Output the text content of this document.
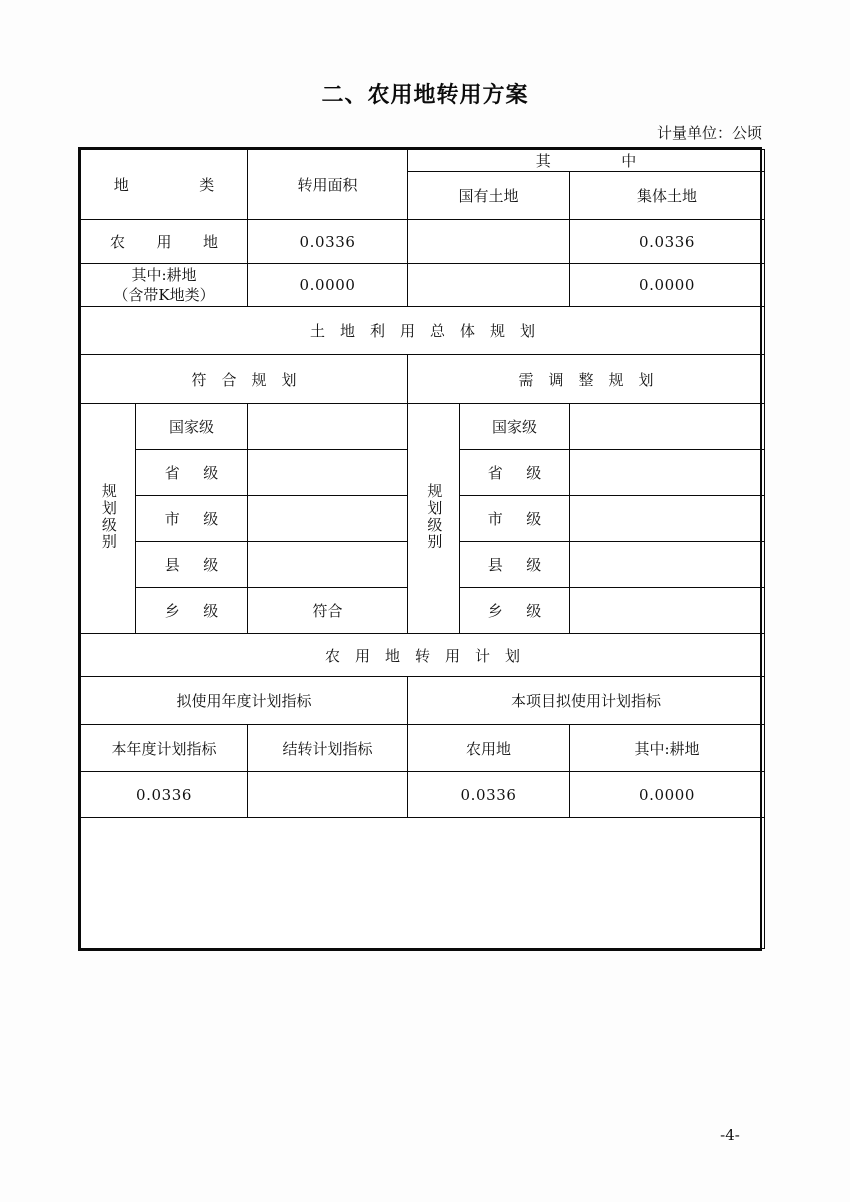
二、农用地转用方案
计量单位：公顷
地　　类		转用面积	其　　中		
			国有土地		集体土地
农　用　地		0.0336			0.0336

其中:耕地
（含带K地类）		0.0000			0.0000
土　地　利　用　总　体　规　划					
符　合　规　划			需　调　整　规　划		
规划级别	国家级		规划级别	国家级	
	省　级			省　级	
	市　级			市　级	
	县　级			县　级	
	乡　级	符合		乡　级	
农　用　地　转　用　计　划					
拟使用年度计划指标			本项目拟使用计划指标		
本年度计划指标		结转计划指标	农用地		其中:耕地
0.0336			0.0336		0.0000

-4-
